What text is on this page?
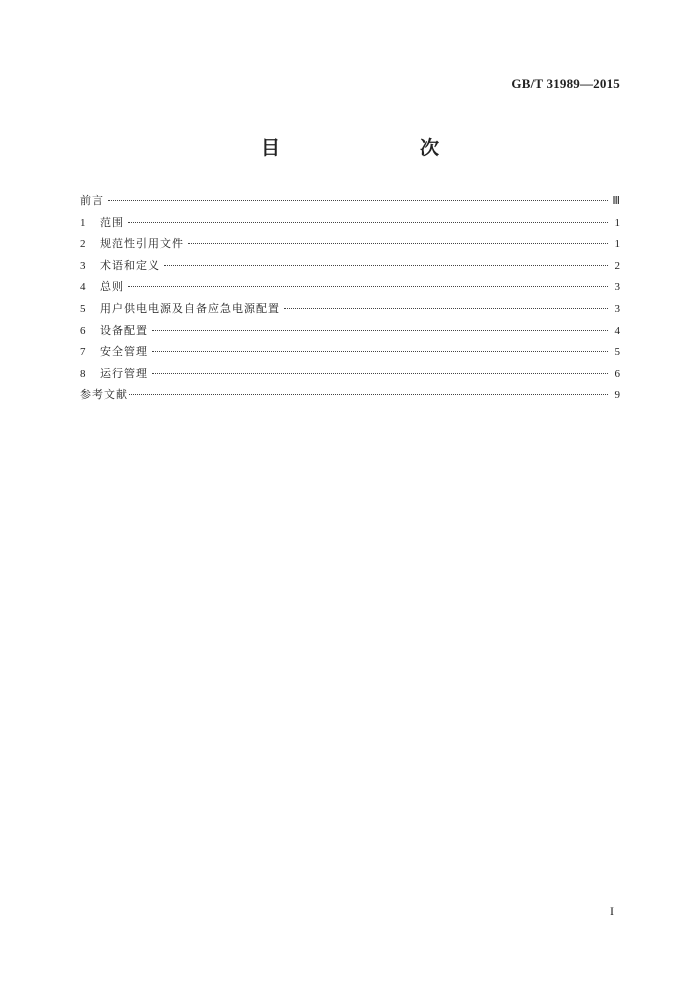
GB/T 31989—2015
目　　次
前言	Ⅲ
1	范围	1
2	规范性引用文件	1
3	术语和定义	2
4	总则	3
5	用户供电电源及自备应急电源配置	3
6	设备配置	4
7	安全管理	5
8	运行管理	6
参考文献	9
I
